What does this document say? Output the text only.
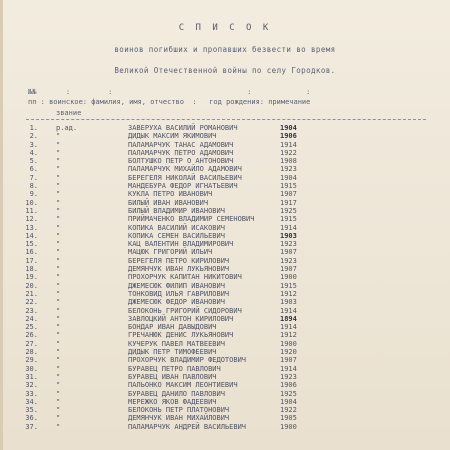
С П И С О К
воинов погибших и пропавших безвести во время
Великой Отечественной войны по селу Городков.
№№       :         :                                :             :
пп : воинское: фамилия, имя, отчество  :   год рождения: примечание
звание
1.	р.ад.	ЗАВЕРУХА ВАСИЛИЙ РОМАНОВИЧ	1904
2.	"	ДИДЫК МАКСИМ ЯКИМОВИЧ	1906
3.	"	ПАЛАМАРЧУК ТАНАС АДАМОВИЧ	1914
4.	"	ПАЛАМАРЧУК ПЕТРО АДАМОВИЧ	1922
5.	"	БОЛТУШКО ПЕТР О АНТОНОВИЧ	1908
6.	"	ПАЛАМАРЧУК МИХАЙЛО АДАМОВИЧ	1923
7.	"	БЕРЕГЕЛЯ НИКОЛАЙ ВАСИЛЬЕВИЧ	1904
8.	"	МАНДЕБУРА ФЕДОР ИГНАТЬЕВИЧ	1915
9.	"	КУКЛА ПЕТРО ИВАНОВИЧ	1907
10.	"	БИЛЫЙ ИВАН ИВАНОВИЧ	1917
11.	"	БИЛЫЙ ВЛАДИМИР ИВАНОВИЧ	1925
12.	"	ПРИЙМАЧЕНКО ВЛАДИМИР СЕМЕНОВИЧ	1915
13.	"	КОПИКА ВАСИЛИЙ ИСАКОВИЧ	1914
14.	"	КОПИКА СЕМЕН ВАСИЛЬЕВИЧ	1903
15.	"	КАЦ ВАЛЕНТИН ВЛАДИМИРОВИЧ	1923
16.	"	МАЦЮК ГРИГОРИЙ ИЛЬИЧ	1907
17.	"	БЕРЕГЕЛЯ ПЕТРО КИРИЛОВИЧ	1923
18.	"	ДЕМЯНЧУК ИВАН ЛУКЬЯНОВИЧ	1907
19.	"	ПРОХОРЧУК КАПИТАН НИКИТОВИЧ	1900
20.	"	ДЖЕМЕСЮК ФИЛИП ИВАНОВИЧ	1915
21.	"	ТОНКОВИД ИЛЬЯ ГАВРИЛОВИЧ	1912
22.	"	ДЖЕМЕСЮК ФЕДОР ИВАНОВИЧ	1903
23.	"	БЕЛОКОНЬ ГРИГОРИЙ СИДОРОВИЧ	1914
24.	"	ЗАВЛОЦКИЙ АНТОН КИРИЛОВИЧ	1894
25.	"	БОНДАР ИВАН ДАВЫДОВИЧ	1914
26.	"	ГРЕЧАНЮК ДЕНИС ЛУКЬЯНОВИЧ	1912
27.	"	КУЧЕРУК ПАВЕЛ МАТВЕЕВИЧ	1900
28.	"	ДИДЫК ПЕТР ТИМОФЕЕВИЧ	1920
29.	"	ПРОХОРЧУК ВЛАДИМИР ФЕДОТОВИЧ	1907
30.	"	БУРАВЕЦ ПЕТРО ПАВЛОВИЧ	1914
31.	"	БУРАВЕЦ ИВАН ПАВЛОВИЧ	1923
32.	"	ПАЛЬОНКО МАКСИМ ЛЕОНТИЕВИЧ	1906
33.	"	БУРАВЕЦ ДАНИЛО ПАВЛОВИЧ	1925
34.	"	МЕРЕЖКО ЯКОВ ФАДЕЕВИЧ	1904
35.	"	БЕЛОКОНЬ ПЕТР ПЛАТОНОВИЧ	1922
36.	"	ДЕМЯНЧУК ИВАН МИХАЙЛОВИЧ	1905
37.	"	ПАЛАМАРЧУК АНДРЕЙ ВАСИЛЬЕВИЧ	1900
